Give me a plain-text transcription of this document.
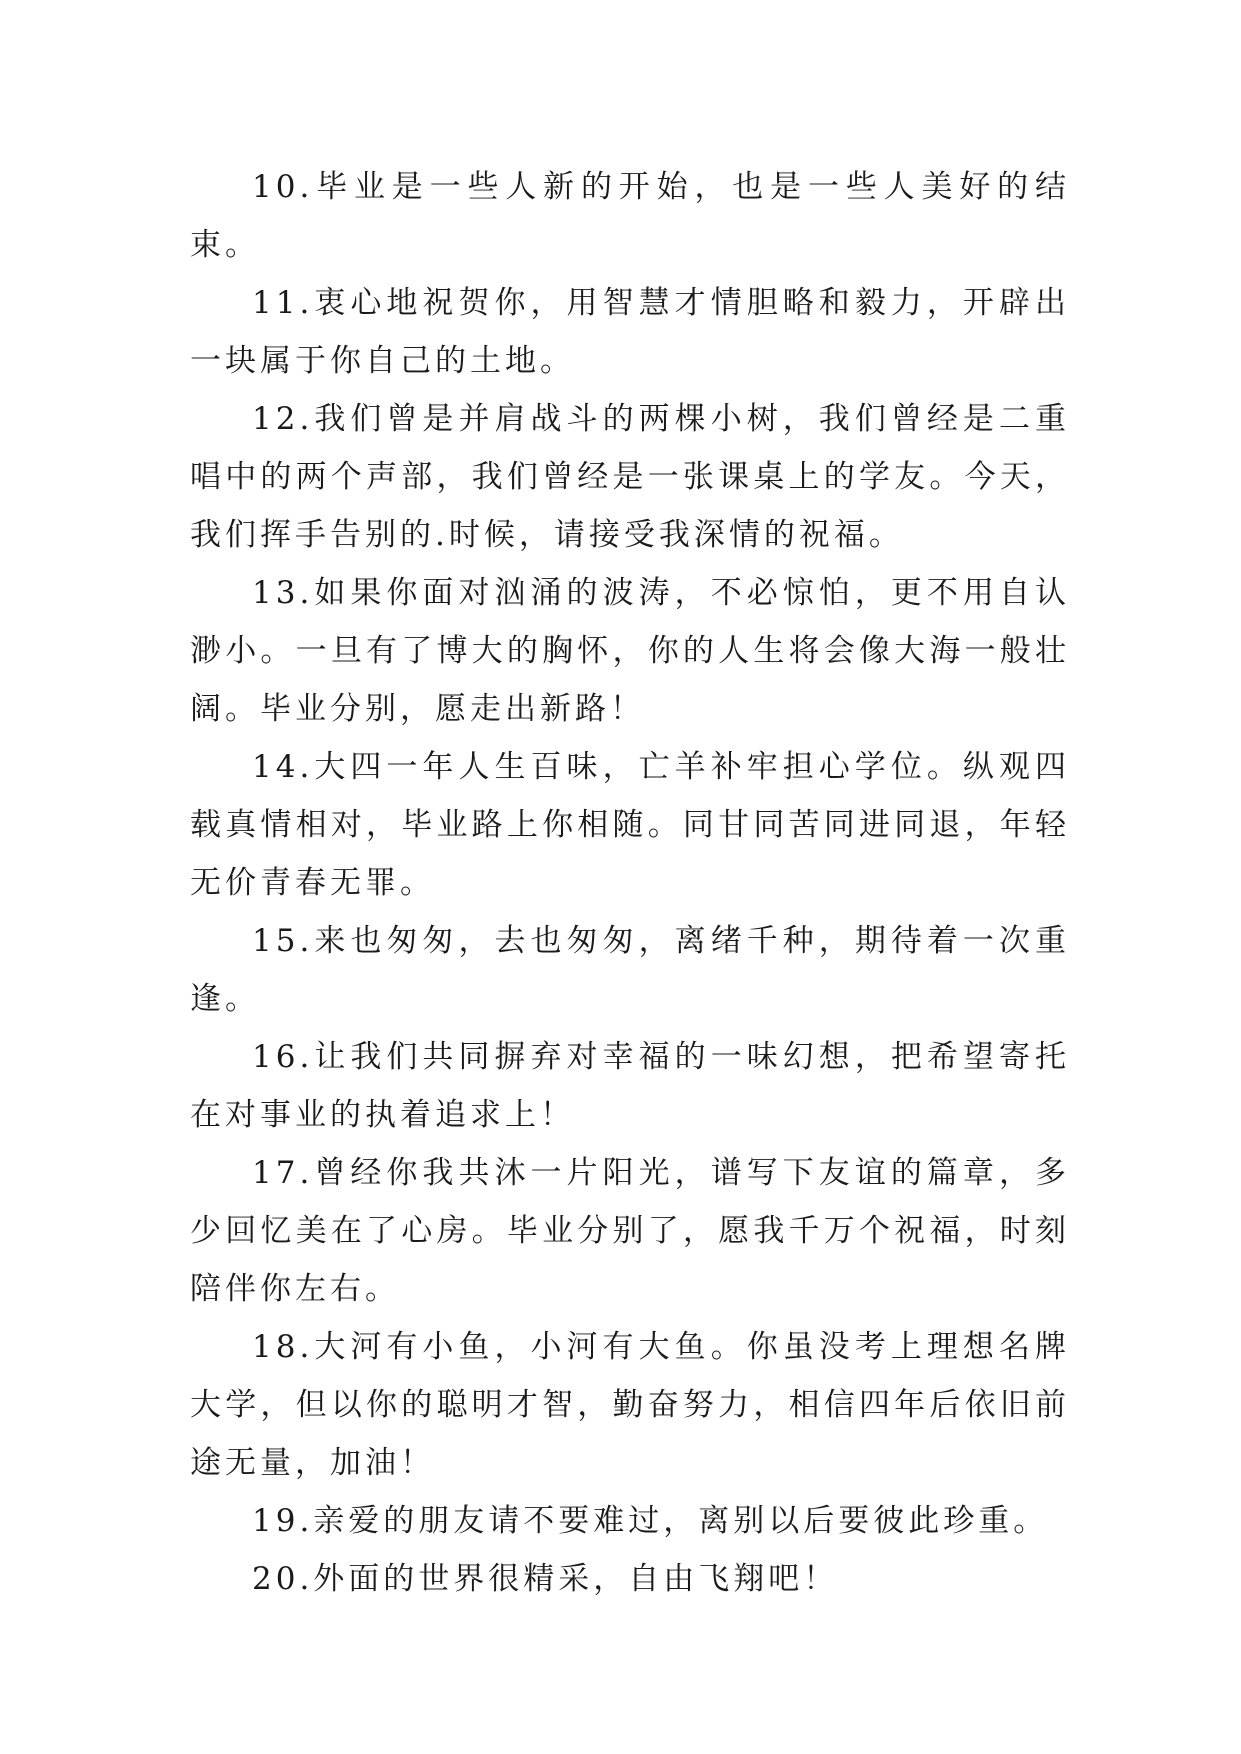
10.毕业是一些人新的开始，也是一些人美好的结束。

11.衷心地祝贺你，用智慧才情胆略和毅力，开辟出一块属于你自己的土地。

12.我们曾是并肩战斗的两棵小树，我们曾经是二重唱中的两个声部，我们曾经是一张课桌上的学友。今天，我们挥手告别的.时候，请接受我深情的祝福。

13.如果你面对汹涌的波涛，不必惊怕，更不用自认渺小。一旦有了博大的胸怀，你的人生将会像大海一般壮阔。毕业分别，愿走出新路！

14.大四一年人生百味，亡羊补牢担心学位。纵观四载真情相对，毕业路上你相随。同甘同苦同进同退，年轻无价青春无罪。

15.来也匆匆，去也匆匆，离绪千种，期待着一次重逢。

16.让我们共同摒弃对幸福的一味幻想，把希望寄托在对事业的执着追求上！

17.曾经你我共沐一片阳光，谱写下友谊的篇章，多少回忆美在了心房。毕业分别了，愿我千万个祝福，时刻陪伴你左右。

18.大河有小鱼，小河有大鱼。你虽没考上理想名牌大学，但以你的聪明才智，勤奋努力，相信四年后依旧前途无量，加油！

19.亲爱的朋友请不要难过，离别以后要彼此珍重。

20.外面的世界很精采，自由飞翔吧！
